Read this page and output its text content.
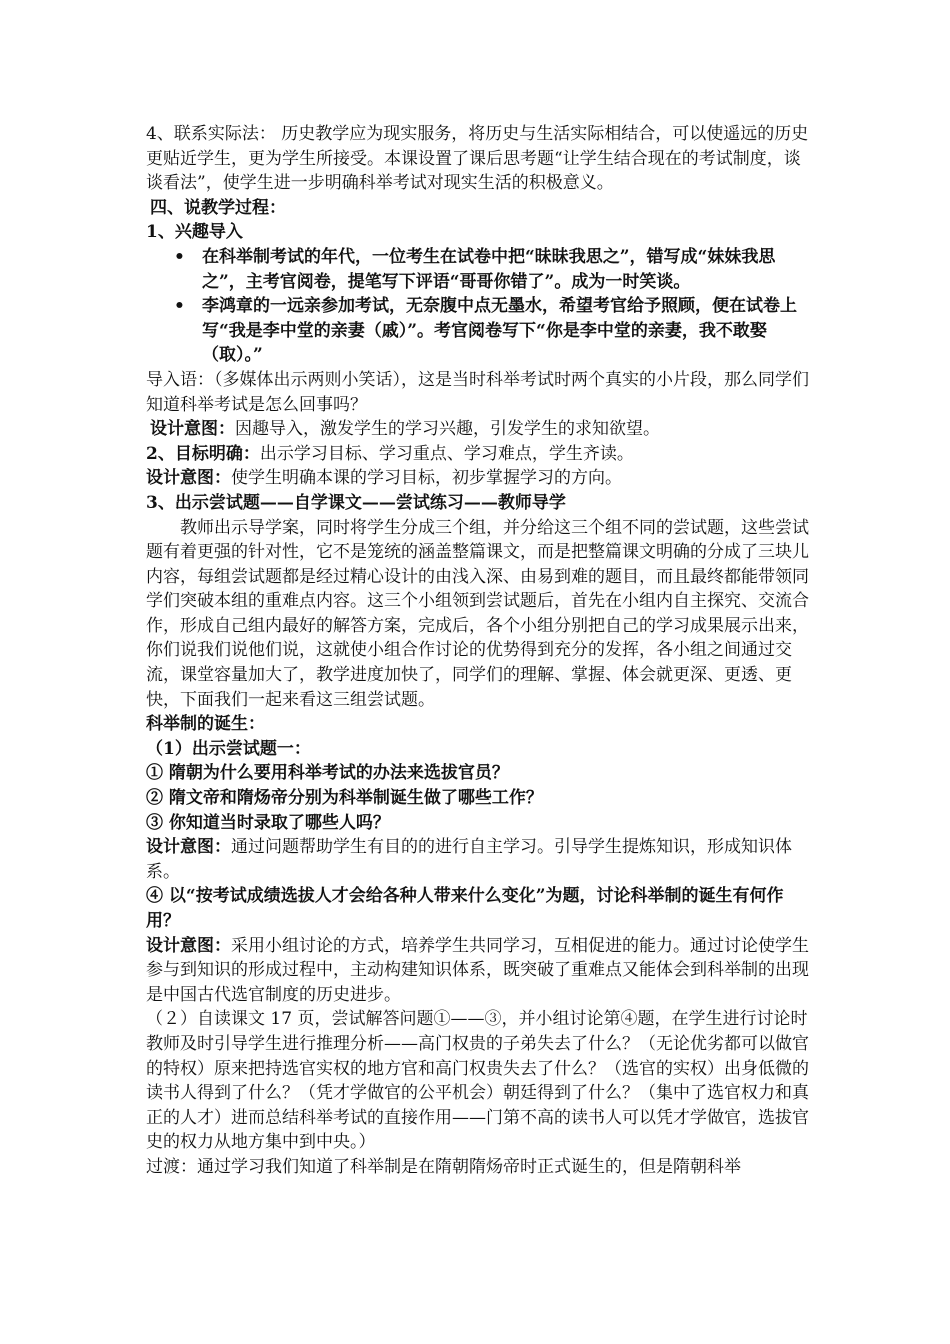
4、联系实际法： 历史教学应为现实服务，将历史与生活实际相结合，可以使遥远的历史更贴近学生，更为学生所接受。本课设置了课后思考题“让学生结合现在的考试制度，谈谈看法”，使学生进一步明确科举考试对现实生活的积极意义。

四、说教学过程：

1、兴趣导入

• 在科举制考试的年代，一位考生在试卷中把“昧昧我思之”，错写成“妹妹我思之”，主考官阅卷，提笔写下评语“哥哥你错了”。成为一时笑谈。
• 李鸿章的一远亲参加考试，无奈腹中点无墨水，希望考官给予照顾，便在试卷上写“我是李中堂的亲妻（戚）”。考官阅卷写下“你是李中堂的亲妻，我不敢娶（取）。”

导入语：（多媒体出示两则小笑话），这是当时科举考试时两个真实的小片段，那么同学们知道科举考试是怎么回事吗？

设计意图：因趣导入，激发学生的学习兴趣，引发学生的求知欲望。

2、目标明确：出示学习目标、学习重点、学习难点，学生齐读。

设计意图：使学生明确本课的学习目标，初步掌握学习的方向。

3、出示尝试题——自学课文——尝试练习——教师导学

教师出示导学案，同时将学生分成三个组，并分给这三个组不同的尝试题，这些尝试题有着更强的针对性，它不是笼统的涵盖整篇课文，而是把整篇课文明确的分成了三块儿内容，每组尝试题都是经过精心设计的由浅入深、由易到难的题目，而且最终都能带领同学们突破本组的重难点内容。这三个小组领到尝试题后，首先在小组内自主探究、交流合作，形成自己组内最好的解答方案，完成后，各个小组分别把自己的学习成果展示出来，你们说我们说他们说，这就使小组合作讨论的优势得到充分的发挥，各小组之间通过交流，课堂容量加大了，教学进度加快了，同学们的理解、掌握、体会就更深、更透、更快，下面我们一起来看这三组尝试题。

科举制的诞生：

（1）出示尝试题一：

① 隋朝为什么要用科举考试的办法来选拔官员？

② 隋文帝和隋炀帝分别为科举制诞生做了哪些工作？

③ 你知道当时录取了哪些人吗？

设计意图：通过问题帮助学生有目的的进行自主学习。引导学生提炼知识，形成知识体系。

④ 以“按考试成绩选拔人才会给各种人带来什么变化”为题，讨论科举制的诞生有何作用？

设计意图：采用小组讨论的方式，培养学生共同学习，互相促进的能力。通过讨论使学生参与到知识的形成过程中，主动构建知识体系，既突破了重难点又能体会到科举制的出现是中国古代选官制度的历史进步。

（２）自读课文 17 页，尝试解答问题①——③，并小组讨论第④题，在学生进行讨论时教师及时引导学生进行推理分析——高门权贵的子弟失去了什么？（无论优劣都可以做官的特权）原来把持选官实权的地方官和高门权贵失去了什么？（选官的实权）出身低微的读书人得到了什么？（凭才学做官的公平机会）朝廷得到了什么？（集中了选官权力和真正的人才）进而总结科举考试的直接作用——门第不高的读书人可以凭才学做官，选拔官史的权力从地方集中到中央。）

过渡：通过学习我们知道了科举制是在隋朝隋炀帝时正式诞生的，但是隋朝科举
